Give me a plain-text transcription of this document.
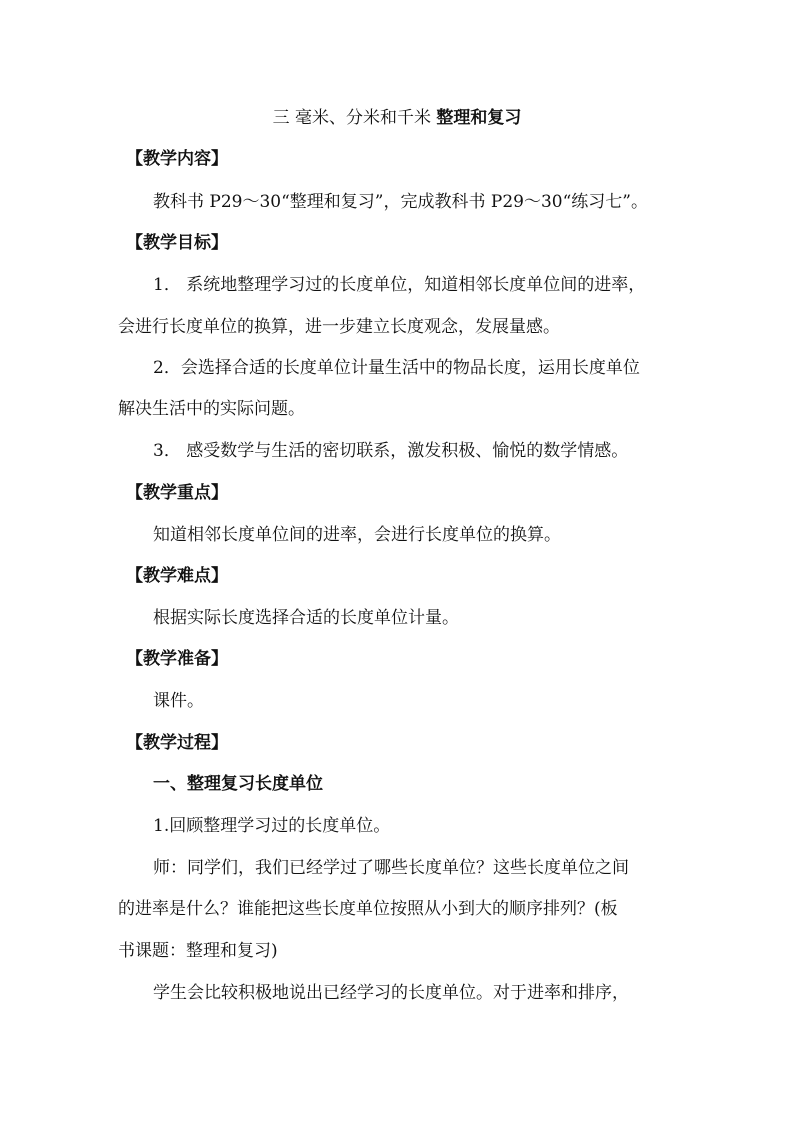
三 毫米、分米和千米 整理和复习
【教学内容】
教科书 P29～30“整理和复习”，完成教科书 P29～30“练习七”。
【教学目标】
1． 系统地整理学习过的长度单位，知道相邻长度单位间的进率，
会进行长度单位的换算，进一步建立长度观念，发展量感。
2．会选择合适的长度单位计量生活中的物品长度，运用长度单位
解决生活中的实际问题。
3． 感受数学与生活的密切联系，激发积极、愉悦的数学情感。
【教学重点】
知道相邻长度单位间的进率，会进行长度单位的换算。
【教学难点】
根据实际长度选择合适的长度单位计量。
【教学准备】
课件。
【教学过程】
一、整理复习长度单位
1.回顾整理学习过的长度单位。
师：同学们，我们已经学过了哪些长度单位？这些长度单位之间
的进率是什么？谁能把这些长度单位按照从小到大的顺序排列？(板
书课题：整理和复习)
学生会比较积极地说出已经学习的长度单位。对于进率和排序，
